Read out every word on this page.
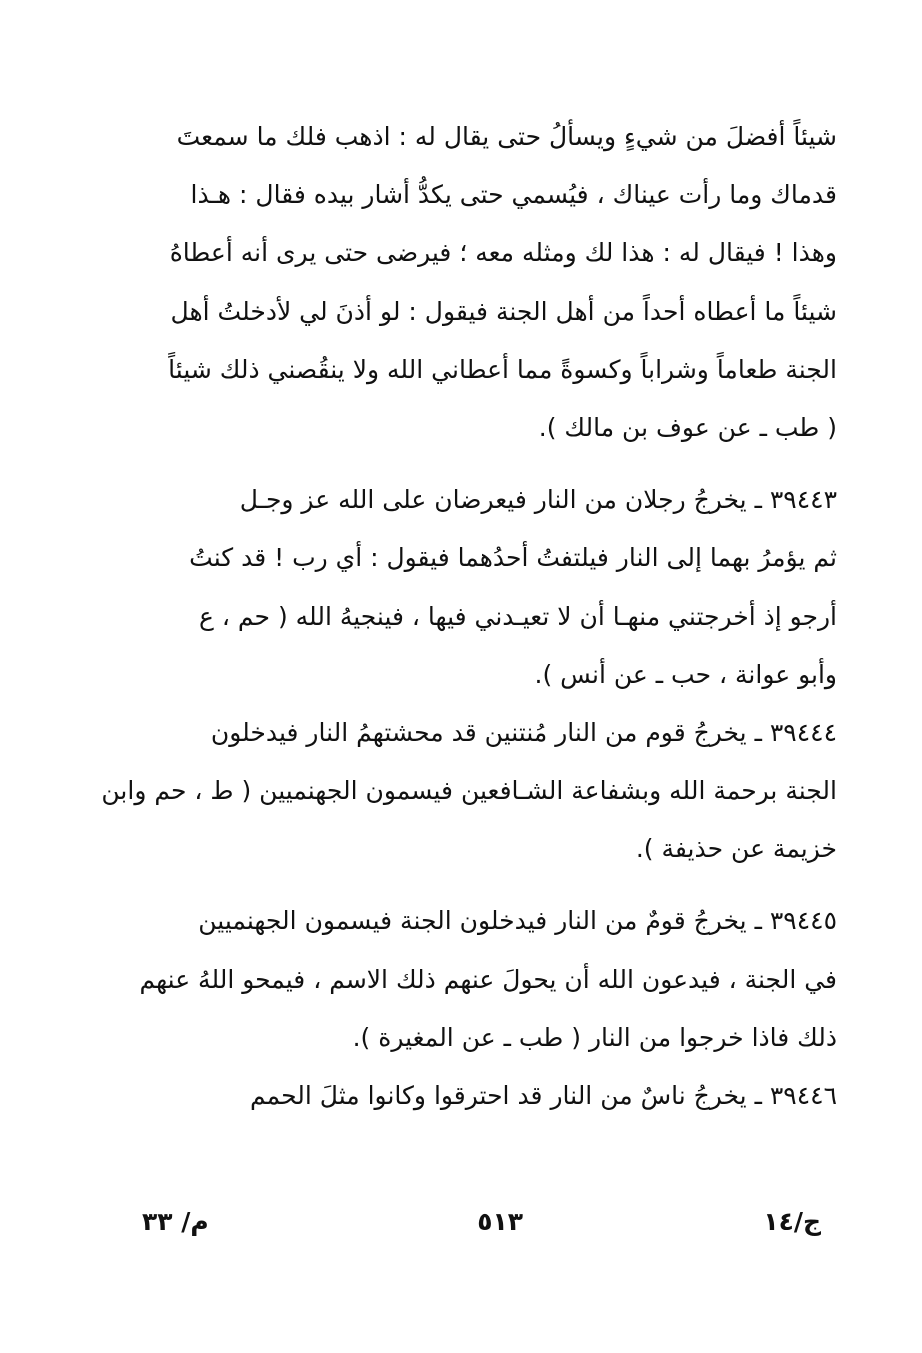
شيئاً أفضلَ من شيءٍ ويسألُ حتى يقال له : اذهب فلك ما سمعتَ
قدماك وما رأت عيناك ، فيُسمي حتى يكدُّ أشار بيده فقال : هـذا
وهذا ! فيقال له : هذا لك ومثله معه ؛ فيرضى حتى يرى أنه أعطاهُ
شيئاً ما أعطاه أحداً من أهل الجنة فيقول : لو أذنَ لي لأدخلتُ أهل
الجنة طعاماً وشراباً وكسوةً مما أعطاني الله ولا ينقُصني ذلك شيئاً
( طب ـ عن عوف بن مالك ).
٣٩٤٤٣ ـ يخرجُ رجلان من النار فيعرضان على الله عز وجـل
ثم يؤمرُ بهما إلى النار فيلتفتُ أحدُهما فيقول : أي رب ! قد كنتُ
أرجو إذ أخرجتني منهـا أن لا تعيـدني فيها ، فينجيهُ الله ( حم ، ع
وأبو عوانة ، حب ـ عن أنس ).
٣٩٤٤٤ ـ يخرجُ قوم من النار مُنتنين قد محشتهمُ النار فيدخلون
الجنة برحمة الله وبشفاعة الشـافعين فيسمون الجهنميين ( ط ، حم وابن
خزيمة عن حذيفة ).
٣٩٤٤٥ ـ يخرجُ قومٌ من النار فيدخلون الجنة فيسمون الجهنميين
في الجنة ، فيدعون الله أن يحولَ عنهم ذلك الاسم ، فيمحو اللهُ عنهم
ذلك فاذا خرجوا من النار ( طب ـ عن المغيرة ).
٣٩٤٤٦ ـ يخرجُ ناسٌ من النار قد احترقوا وكانوا مثلَ الحمم
ج/١٤
٥١٣
م/ ٣٣
